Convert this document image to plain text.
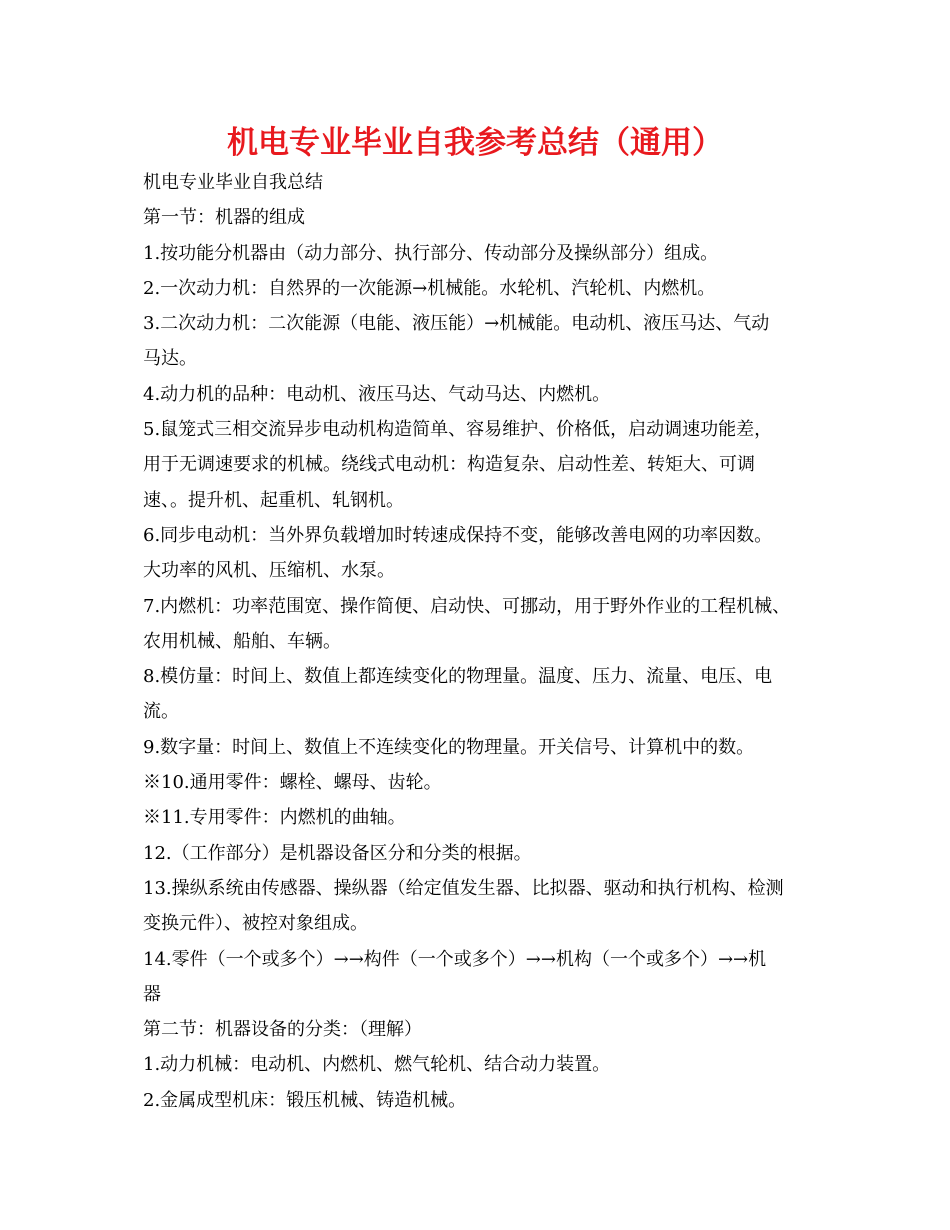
机电专业毕业自我参考总结（通用）
机电专业毕业自我总结
第一节：机器的组成
1.按功能分机器由（动力部分、执行部分、传动部分及操纵部分）组成。
2.一次动力机：自然界的一次能源→机械能。水轮机、汽轮机、内燃机。
3.二次动力机：二次能源（电能、液压能）→机械能。电动机、液压马达、气动
马达。
4.动力机的品种：电动机、液压马达、气动马达、内燃机。
5.鼠笼式三相交流异步电动机构造简单、容易维护、价格低，启动调速功能差，
用于无调速要求的机械。绕线式电动机：构造复杂、启动性差、转矩大、可调
速、。提升机、起重机、轧钢机。
6.同步电动机：当外界负载增加时转速成保持不变，能够改善电网的功率因数。
大功率的风机、压缩机、水泵。
7.内燃机：功率范围宽、操作简便、启动快、可挪动，用于野外作业的工程机械、
农用机械、船舶、车辆。
8.模仿量：时间上、数值上都连续变化的物理量。温度、压力、流量、电压、电
流。
9.数字量：时间上、数值上不连续变化的物理量。开关信号、计算机中的数。
※10.通用零件：螺栓、螺母、齿轮。
※11.专用零件：内燃机的曲轴。
12.（工作部分）是机器设备区分和分类的根据。
13.操纵系统由传感器、操纵器（给定值发生器、比拟器、驱动和执行机构、检测
变换元件）、被控对象组成。
14.零件（一个或多个）→→构件（一个或多个）→→机构（一个或多个）→→机
器
第二节：机器设备的分类：（理解）
1.动力机械：电动机、内燃机、燃气轮机、结合动力装置。
2.金属成型机床：锻压机械、铸造机械。
